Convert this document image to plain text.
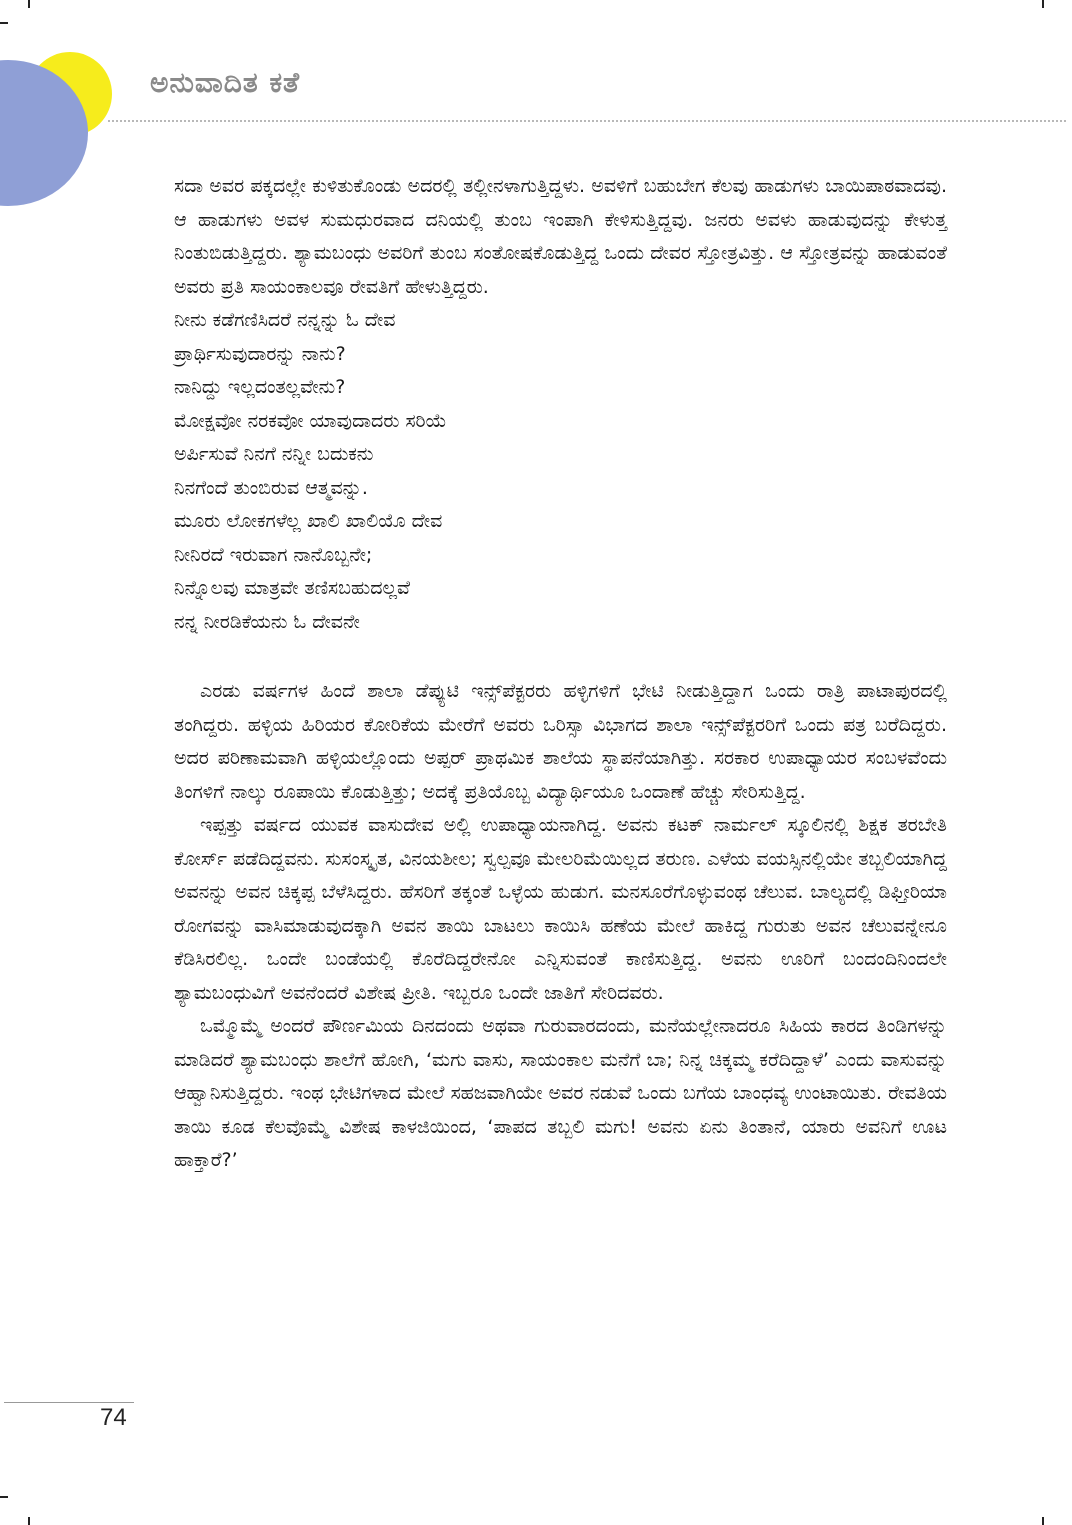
ಅನುವಾದಿತ ಕತೆ

ಸದಾ ಅವರ ಪಕ್ಕದಲ್ಲೇ ಕುಳಿತುಕೊಂಡು ಅದರಲ್ಲಿ ತಲ್ಲೀನಳಾಗುತ್ತಿದ್ದಳು. ಅವಳಿಗೆ ಬಹುಬೇಗ ಕೆಲವು ಹಾಡುಗಳು ಬಾಯಿಪಾಠವಾದವು. ಆ ಹಾಡುಗಳು ಅವಳ ಸುಮಧುರವಾದ ದನಿಯಲ್ಲಿ ತುಂಬ ಇಂಪಾಗಿ ಕೇಳಿಸುತ್ತಿದ್ದವು. ಜನರು ಅವಳು ಹಾಡುವುದನ್ನು ಕೇಳುತ್ತ ನಿಂತುಬಿಡುತ್ತಿದ್ದರು. ಶ್ಯಾಮಬಂಧು ಅವರಿಗೆ ತುಂಬ ಸಂತೋಷಕೊಡುತ್ತಿದ್ದ ಒಂದು ದೇವರ ಸ್ತೋತ್ರವಿತ್ತು. ಆ ಸ್ತೋತ್ರವನ್ನು ಹಾಡುವಂತೆ ಅವರು ಪ್ರತಿ ಸಾಯಂಕಾಲವೂ ರೇವತಿಗೆ ಹೇಳುತ್ತಿದ್ದರು.

ನೀನು ಕಡೆಗಣಿಸಿದರೆ ನನ್ನನ್ನು ಓ ದೇವ
ಪ್ರಾರ್ಥಿಸುವುದಾರನ್ನು ನಾನು?
ನಾನಿದ್ದು ಇಲ್ಲದಂತಲ್ಲವೇನು?
ಮೋಕ್ಷವೋ ನರಕವೋ ಯಾವುದಾದರು ಸರಿಯೆ
ಅರ್ಪಿಸುವೆ ನಿನಗೆ ನನ್ನೀ ಬದುಕನು
ನಿನಗೆಂದೆ ತುಂಬಿರುವ ಆತ್ಮವನ್ನು.
ಮೂರು ಲೋಕಗಳೆಲ್ಲ ಖಾಲಿ ಖಾಲಿಯೊ ದೇವ
ನೀನಿರದೆ ಇರುವಾಗ ನಾನೊಬ್ಬನೇ;
ನಿನ್ನೊಲವು ಮಾತ್ರವೇ ತಣಿಸಬಹುದಲ್ಲವೆ
ನನ್ನ ನೀರಡಿಕೆಯನು ಓ ದೇವನೇ

ಎರಡು ವರ್ಷಗಳ ಹಿಂದೆ ಶಾಲಾ ಡೆಪ್ಯುಟಿ ಇನ್ಸ್‌ಪೆಕ್ಟರರು ಹಳ್ಳಿಗಳಿಗೆ ಭೇಟಿ ನೀಡುತ್ತಿದ್ದಾಗ ಒಂದು ರಾತ್ರಿ ಪಾಟಾಪುರದಲ್ಲಿ ತಂಗಿದ್ದರು. ಹಳ್ಳಿಯ ಹಿರಿಯರ ಕೋರಿಕೆಯ ಮೇರೆಗೆ ಅವರು ಒರಿಸ್ಸಾ ವಿಭಾಗದ ಶಾಲಾ ಇನ್ಸ್‌ಪೆಕ್ಟರರಿಗೆ ಒಂದು ಪತ್ರ ಬರೆದಿದ್ದರು. ಅದರ ಪರಿಣಾಮವಾಗಿ ಹಳ್ಳಿಯಲ್ಲೊಂದು ಅಪ್ಪರ್ ಪ್ರಾಥಮಿಕ ಶಾಲೆಯ ಸ್ಥಾಪನೆಯಾಗಿತ್ತು. ಸರಕಾರ ಉಪಾಧ್ಯಾಯರ ಸಂಬಳವೆಂದು ತಿಂಗಳಿಗೆ ನಾಲ್ಕು ರೂಪಾಯಿ ಕೊಡುತ್ತಿತ್ತು; ಅದಕ್ಕೆ ಪ್ರತಿಯೊಬ್ಬ ವಿದ್ಯಾರ್ಥಿಯೂ ಒಂದಾಣೆ ಹೆಚ್ಚು ಸೇರಿಸುತ್ತಿದ್ದ.

ಇಪ್ಪತ್ತು ವರ್ಷದ ಯುವಕ ವಾಸುದೇವ ಅಲ್ಲಿ ಉಪಾಧ್ಯಾಯನಾಗಿದ್ದ. ಅವನು ಕಟಕ್ ನಾರ್ಮಲ್ ಸ್ಕೂಲಿನಲ್ಲಿ ಶಿಕ್ಷಕ ತರಬೇತಿ ಕೋರ್ಸ್ ಪಡೆದಿದ್ದವನು. ಸುಸಂಸ್ಕೃತ, ವಿನಯಶೀಲ; ಸ್ವಲ್ಪವೂ ಮೇಲರಿಮೆಯಿಲ್ಲದ ತರುಣ. ಎಳೆಯ ವಯಸ್ಸಿನಲ್ಲಿಯೇ ತಬ್ಬಲಿಯಾಗಿದ್ದ ಅವನನ್ನು ಅವನ ಚಿಕ್ಕಪ್ಪ ಬೆಳೆಸಿದ್ದರು. ಹೆಸರಿಗೆ ತಕ್ಕಂತೆ ಒಳ್ಳೆಯ ಹುಡುಗ. ಮನಸೂರೆಗೊಳ್ಳುವಂಥ ಚೆಲುವ. ಬಾಲ್ಯದಲ್ಲಿ ಡಿಫ್ತೀರಿಯಾ ರೋಗವನ್ನು ವಾಸಿಮಾಡುವುದಕ್ಕಾಗಿ ಅವನ ತಾಯಿ ಬಾಟಲು ಕಾಯಿಸಿ ಹಣೆಯ ಮೇಲೆ ಹಾಕಿದ್ದ ಗುರುತು ಅವನ ಚೆಲುವನ್ನೇನೂ ಕೆಡಿಸಿರಲಿಲ್ಲ. ಒಂದೇ ಬಂಡೆಯಲ್ಲಿ ಕೊರೆದಿದ್ದರೇನೋ ಎನ್ನಿಸುವಂತೆ ಕಾಣಿಸುತ್ತಿದ್ದ. ಅವನು ಊರಿಗೆ ಬಂದಂದಿನಿಂದಲೇ ಶ್ಯಾಮಬಂಧುವಿಗೆ ಅವನೆಂದರೆ ವಿಶೇಷ ಪ್ರೀತಿ. ಇಬ್ಬರೂ ಒಂದೇ ಜಾತಿಗೆ ಸೇರಿದವರು.

ಒಮ್ಮೊಮ್ಮೆ ಅಂದರೆ ಪೌರ್ಣಮಿಯ ದಿನದಂದು ಅಥವಾ ಗುರುವಾರದಂದು, ಮನೆಯಲ್ಲೇನಾದರೂ ಸಿಹಿಯ ಕಾರದ ತಿಂಡಿಗಳನ್ನು ಮಾಡಿದರೆ ಶ್ಯಾಮಬಂಧು ಶಾಲೆಗೆ ಹೋಗಿ, ‘ಮಗು ವಾಸು, ಸಾಯಂಕಾಲ ಮನೆಗೆ ಬಾ; ನಿನ್ನ ಚಿಕ್ಕಮ್ಮ ಕರೆದಿದ್ದಾಳೆ’ ಎಂದು ವಾಸುವನ್ನು ಆಹ್ವಾನಿಸುತ್ತಿದ್ದರು. ಇಂಥ ಭೇಟಿಗಳಾದ ಮೇಲೆ ಸಹಜವಾಗಿಯೇ ಅವರ ನಡುವೆ ಒಂದು ಬಗೆಯ ಬಾಂಧವ್ಯ ಉಂಟಾಯಿತು. ರೇವತಿಯ ತಾಯಿ ಕೂಡ ಕೆಲವೊಮ್ಮೆ ವಿಶೇಷ ಕಾಳಜಿಯಿಂದ, ‘ಪಾಪದ ತಬ್ಬಲಿ ಮಗು! ಅವನು ಏನು ತಿಂತಾನೆ, ಯಾರು ಅವನಿಗೆ ಊಟ ಹಾಕ್ತಾರೆ?’

74
